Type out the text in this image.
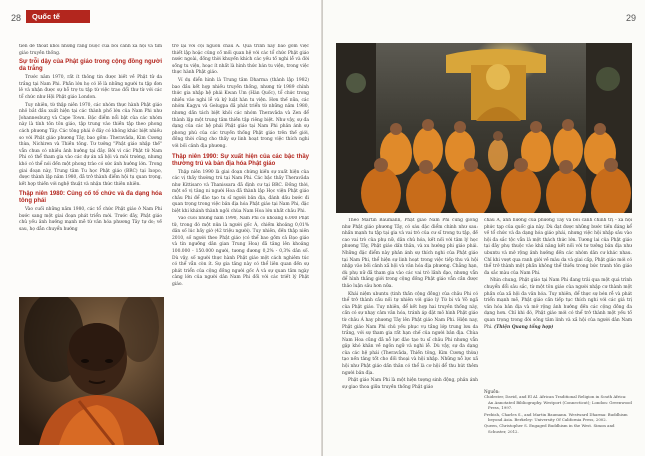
28	Quốc tế

tiên để thoát khỏi những ràng buộc của bối cảnh xã hội và tìm giáo truyền thống.

Sự trỗi dậy của Phật giáo trong cộng đồng người da trắng

Trước năm 1970, rất ít thông tin được biết về Phật tử da trắng tại Nam Phi. Phần lớn họ có lẽ là những người tu tập đơn lẻ và nhận được sự hỗ trợ tu tập từ việc trao đổi thư từ với các tổ chức như Hội Phật giáo London.

Tuy nhiên, từ thập niên 1970, các nhóm thực hành Phật giáo nhỏ bắt đầu xuất hiện tại các thành phố lớn của Nam Phi như Johannesburg và Cape Town. Đặc điểm nổi bật của các nhóm này là tính tôn tôn giáo, tập trung vào thiền tập theo phong cách phương Tây. Các tông phái ở đây có không khác biệt nhiều so với Phật giáo phương Tây, bao gồm: Theravāda, Kim Cương thừa, Nichiren và Thiền tông. Tư tưởng "Phật giáo nhập thế" vẫn chưa có nhiều ảnh hưởng tại đây. Bởi vì các Phật tử Nam Phi có thể tham gia vào các dự án xã hội và môi trường, nhưng khó có thể nói đến một phong trào có sức ảnh hưởng lớn. Trong giai đoạn này, Trung tâm Tu học Phật giáo (BRC) tại Ixopo, được thành lập năm 1980, đã trở thành điểm hội tụ quan trọng, kết hợp thiền với nghệ thuật và nhận thức thiên nhiên.

Thập niên 1980: Củng cố tổ chức và đa dạng hóa tông phái

Vào cuối những năm 1980, các tổ chức Phật giáo ở Nam Phi bước sang một giai đoạn phát triển mới. Trước đây, Phật giáo chủ yếu ảnh hưởng mạnh mẽ từ văn hóa phương Tây tự do; về sau, họ dẫn chuyển hướng

trở lại với cội nguồn châu Á. Quá trình này bao gồm việc thiết lập hoặc củng cố mối quan hệ với các tổ chức Phật giáo nước ngoài, đồng thời khuyến khích các yếu tố nghi lễ và đời sống tu viện, hoạc ít nhất là hình thức bán tu viện, trong việc thực hành Phật giáo.

Ví dụ điển hình là Trung tâm Dharma (thành lập 1982) bao đầu kết hợp nhiều truyền thống, nhưng từ 1989 chính thức gia nhập hệ phái Kwan Um (Hàn Quốc), tổ chức trong nhiều vào nghi lễ và kỷ luật hàn tu viện. Hơn thế nữa, các nhóm Kagyu và Gelugpa đã phát triển từ những năm 1980, nhưng dần tách biệt khỏi các nhóm Theravāda và Zen để thành lập một trung tâm thiền tập riêng biệt. Như vậy, sự đa dạng của các hệ phái Phật giáo tại Nam Phi phản ánh sự phong phú của các truyền thống Phật giáo trên thế giới, đồng thời cũng cho thấy sự linh hoạt trong việc thích nghi với bối cảnh địa phương.

Thập niên 1990: Sự xuất hiện của các bậc thầy thường trú và bản địa hóa Phật giáo

Thập niên 1990 là giai đoạn chứng kiến sự xuất hiện của các vị thầy thường trú tại Nam Phi. Các bậc thầy Theravāda như Kittisaro và Thanissara đã định cư tại BRC. Đồng thời, một số vị tăng ni người Hoa đã thành lập Học viện Phật giáo châu Phi để đào tạo tu sĩ người bản địa, đánh dấu bước đi quan trọng trong việc bản địa hóa Phật giáo tại Nam Phi, đặc biệt khi khánh thành ngôi chùa Nam Hoa lớn nhất châu Phi.

Vào cuối những năm 1990, Nam Phi có khoảng 6.000 Phật tử, trong đó một nửa là người gốc Á, chiếm khoảng 0,01% dân số lúc bấy giờ (42 triệu người). Tuy nhiên, đến thập niên 2010, số người theo Phật giáo (có thể bao gồm cả Đạo giáo và tín ngưỡng dân gian Trung Hoa) đã tăng lên khoảng 100.000 - 150.000 người, tương đương 0,2% - 0,3% dân số. Dù vậy, số người thực hành Phật giáo một cách nghiêm túc có thể vẫn còn ít. Sự gia tăng này có thể liên quan đến sự phát triển của cộng đồng người gốc Á và sự quan tâm ngày càng lớn của người dân Nam Phi đối với các triết lý Phật giáo.

29

Theo Martin Baumann, Phật giáo Nam Phi cũng giống như Phật giáo phương Tây, có sáu đặc điểm chính như sau: nhấn mạnh tu tập tại gia và vai trò của cư sĩ trong tu tập, đề cao vai trò của phụ nữ, dân chủ hóa, kết nối với tâm lý học phương Tây, Phật giáo dấn thân, và xu hướng phi giáo phái. Những đặc điểm này phản ánh sự thích nghi của Phật giáo tại Nam Phi, thể hiện sự linh hoạt trong việc tiếp thu và hội nhập vào bối cảnh xã hội và văn hóa địa phương. Chẳng hạn, dù phụ nữ đã tham gia vào các vai trò lãnh đạo, nhưng vẫn để hình thắng giới trong cộng đồng Phật giáo vẫn cần được thảo luận sâu hơn nữa.

Khái niệm ubuntu (tinh thần cộng đồng) của châu Phi có thể trở thành cầu nối tự nhiên với giáo lý Từ bi và Vô ngã của Phật giáo. Tuy nhiên, để kết hợp hai truyền thống này, cần có sự nhạy cảm văn hóa, tránh áp đặt mô hình Phật giáo từ châu Á hay phương Tây lên Phật giáo Nam Phi. Hiện nay, Phật giáo Nam Phi chủ yếu phục vụ tầng lớp trung lưu da trắng, với sự tham gia rất hạn chế của người bản địa. Chùa Nam Hoa cũng đã nỗ lực đào tạo tu sĩ châu Phi nhưng vẫn gặp khó khăn về ngôn ngữ và nghi lễ. Dù vậy, sự đa dạng của các hệ phái (Theravāda, Thiền tông, Kim Cương thừa) tạo nền tảng tốt cho đối thoại và hội nhập. Những nỗ lực xã hội như Phật giáo dấn thân có thể là cơ hội để thu hút thêm người bản địa.

Phật giáo Nam Phi là một hiện tượng sinh động, phản ánh sự giao thoa giữa truyền thống Phật giáo

châu Á, ảnh hưởng của phương Tây và bối cảnh chính trị - xã hội phức tạp của quốc gia này. Dù đạt được những bước tiến đáng kể về tổ chức và đa dạng hóa giáo phái, nhưng việc hội nhập sâu vào hội đa sắc tộc vẫn là một thách thức lớn. Tương lai của Phật giáo tại đây phụ thuộc vào khả năng kết nối với tư tưởng bản địa như ubuntu và mở rộng ảnh hưởng đến các nhóm dân cư khác nhau. Chỉ khi vượt qua ranh giới về màu da và giai cấp, Phật giáo mới có thể trở thành một phần không thể thiếu trong bức tranh tôn giáo đa sắc màu của Nam Phi.

Nhìn chung, Phật giáo tại Nam Phi đang trải qua một quá trình chuyển đổi sâu sắc, từ một tôn giáo của người nhập cư thành một phần của xã hội đa văn hóa. Tuy nhiên, để thực sự bén rễ và phát triển mạnh mẽ, Phật giáo cần tiếp tục thích nghi với các giá trị văn hóa bản địa và mở rộng ảnh hưởng đến các cộng đồng đa dạng hơn. Chỉ khi đó, Phật giáo mới có thể trở thành một yếu tố quan trọng trong đời sống tâm linh và xã hội của người dân Nam Phi. (Thiện Quang tổng hợp)

Nguồn:

Chidester, David, and El Al. African Traditional Religion in South Africa: An Annotated Bibliography. Westport (Connecticut); London: Greenwood Press, 1997.

Prebish, Charles S., and Martin Baumann. Westward Dharma: Buddhism beyond Asia. Berkeley: University Of California Press, 2002.

Queen, Christopher S. Engaged Buddhism in the West. Simon and Schuster, 2012.
